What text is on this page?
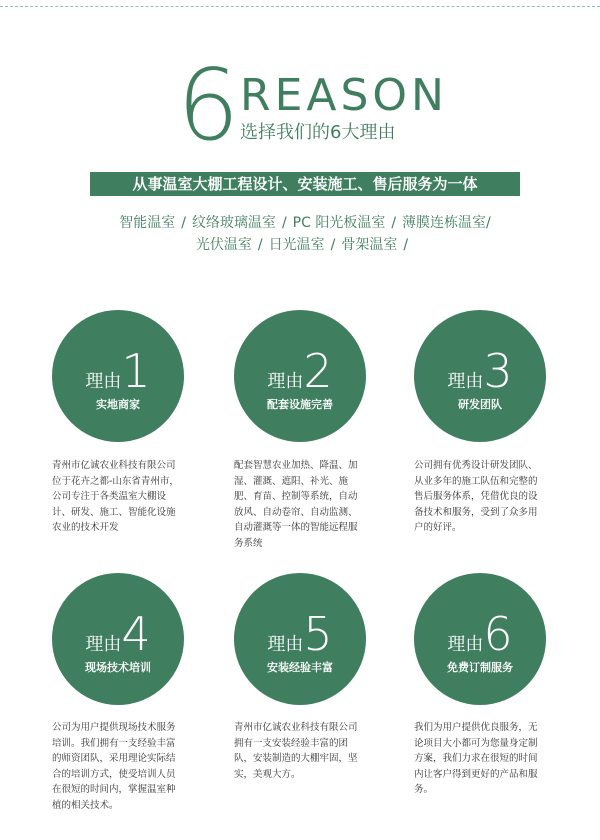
6 REASON
选择我们的6大理由
从事温室大棚工程设计、安装施工、售后服务为一体
智能温室 / 纹络玻璃温室 / PC 阳光板温室 / 薄膜连栋温室/
光伏温室 / 日光温室 / 骨架温室 /
理由1
实地商家
青州市亿诚农业科技有限公司
位于花卉之都-山东省青州市，
公司专注于各类温室大棚设
计、研发、施工、智能化设施
农业的技术开发
理由2
配套设施完善
配套智慧农业加热、降温、加
湿、灌溉、遮阳、补光、施
肥、育苗、控制等系统，自动
放风、自动卷帘、自动监测、
自动灌溉等一体的智能远程服
务系统
理由3
研发团队
公司拥有优秀设计研发团队、
从业多年的施工队伍和完整的
售后服务体系，凭借优良的设
备技术和服务，受到了众多用
户的好评。
理由4
现场技术培训
公司为用户提供现场技术服务
培训。我们拥有一支经验丰富
的师资团队，采用理论实际结
合的培训方式，使受培训人员
在很短的时间内，掌握温室种
植的相关技术。
理由5
安装经验丰富
青州市亿诚农业科技有限公司
拥有一支安装经验丰富的团
队，安装制造的大棚牢固，坚
实，美观大方。
理由6
免费订制服务
我们为用户提供优良服务，无
论项目大小都可为您量身定制
方案，我们力求在很短的时间
内让客户得到更好的产品和服
务。
